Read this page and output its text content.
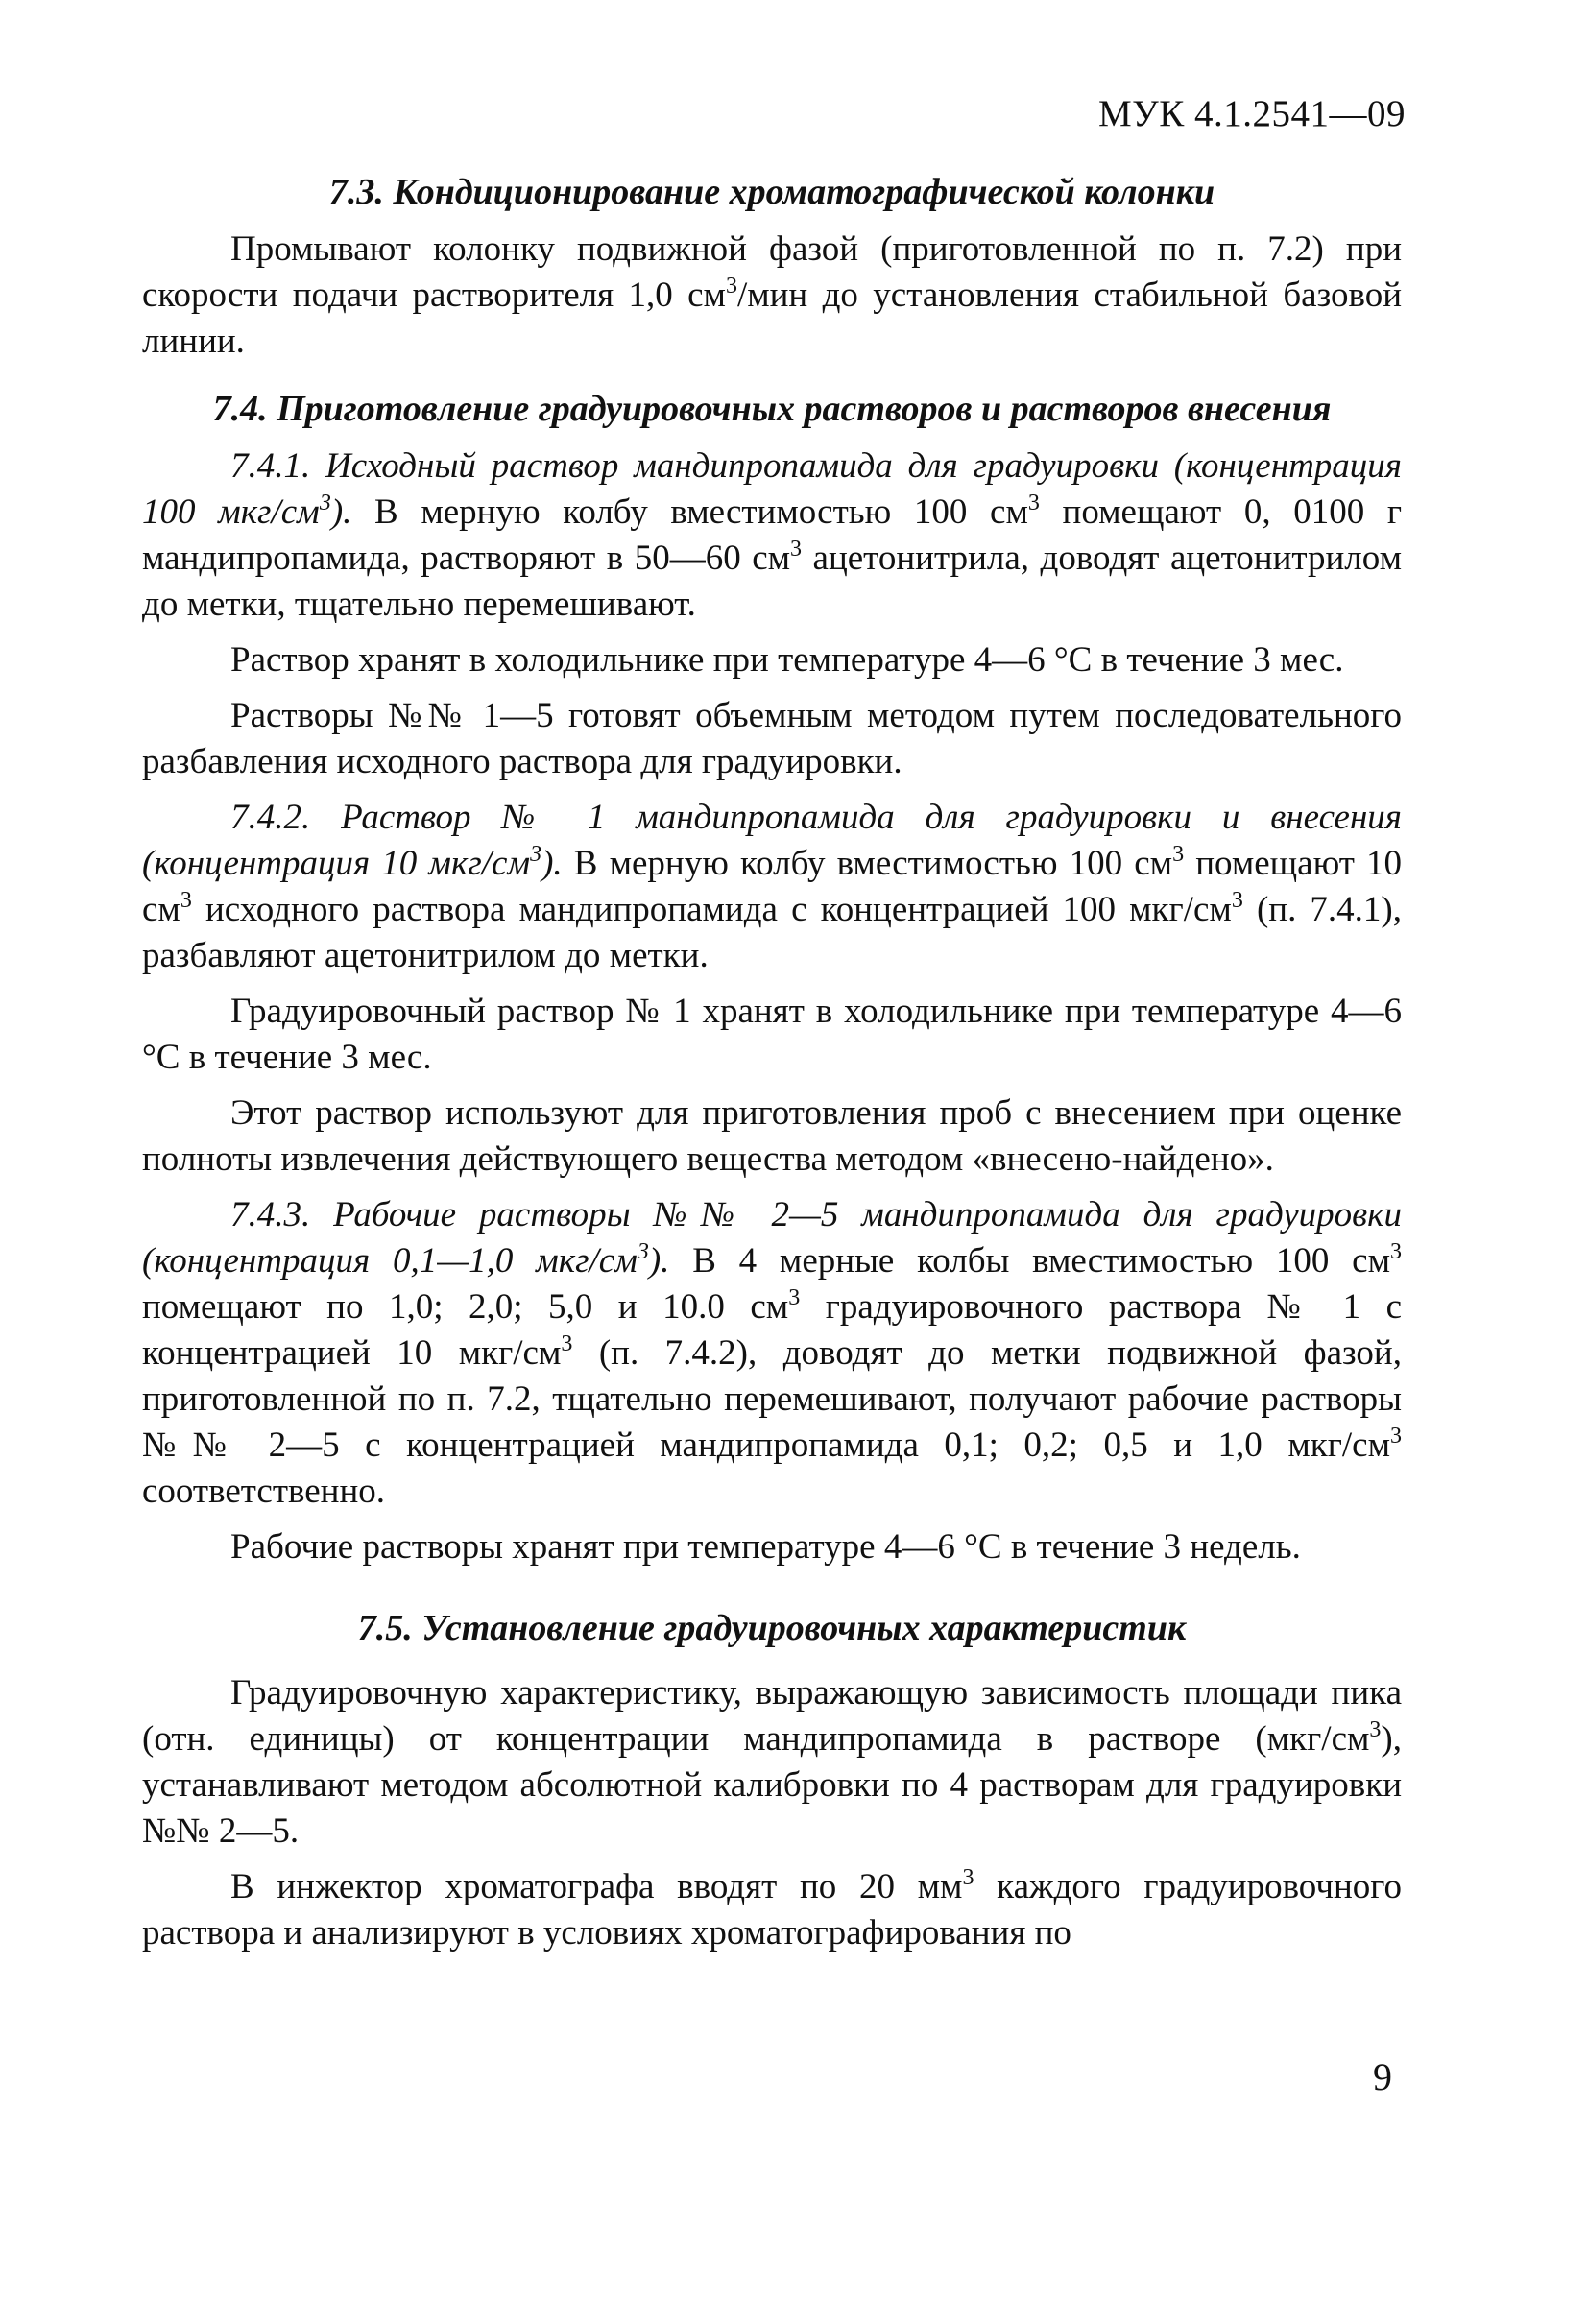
МУК 4.1.2541—09
7.3. Кондиционирование хроматографической колонки

Промывают колонку подвижной фазой (приготовленной по п. 7.2) при скорости подачи растворителя 1,0 $см^3$/мин до установления стабильной базовой линии.

7.4. Приготовление градуировочных растворов и растворов внесения

7.4.1. Исходный раствор мандипропамида для градуировки (концентрация 100 мкг/$см^3$). В мерную колбу вместимостью 100 $см^3$ помещают 0, 0100 г мандипропамида, растворяют в 50—60 $см^3$ ацетонитрила, доводят ацетонитрилом до метки, тщательно перемешивают.

Раствор хранят в холодильнике при температуре 4—6 °С в течение 3 мес.

Растворы №№ 1—5 готовят объемным методом путем последовательного разбавления исходного раствора для градуировки.

7.4.2. Раствор № 1 мандипропамида для градуировки и внесения (концентрация 10 мкг/$см^3$). В мерную колбу вместимостью 100 $см^3$ помещают 10 $см^3$ исходного раствора мандипропамида с концентрацией 100 мкг/$см^3$ (п. 7.4.1), разбавляют ацетонитрилом до метки.

Градуировочный раствор № 1 хранят в холодильнике при температуре 4—6 °С в течение 3 мес.

Этот раствор используют для приготовления проб с внесением при оценке полноты извлечения действующего вещества методом «внесено-найдено».

7.4.3. Рабочие растворы №№ 2—5 мандипропамида для градуировки (концентрация 0,1—1,0 мкг/$см^3$). В 4 мерные колбы вместимостью 100 $см^3$ помещают по 1,0; 2,0; 5,0 и 10.0 $см^3$ градуировочного раствора № 1 с концентрацией 10 мкг/$см^3$ (п. 7.4.2), доводят до метки подвижной фазой, приготовленной по п. 7.2, тщательно перемешивают, получают рабочие растворы №№ 2—5 с концентрацией мандипропамида 0,1; 0,2; 0,5 и 1,0 мкг/$см^3$ соответственно.

Рабочие растворы хранят при температуре 4—6 °С в течение 3 недель.

7.5. Установление градуировочных характеристик

Градуировочную характеристику, выражающую зависимость площади пика (отн. единицы) от концентрации мандипропамида в растворе $(мкг/см^3)$, устанавливают методом абсолютной калибровки по 4 растворам для градуировки №№ 2—5.

В инжектор хроматографа вводят по 20 $мм^3$ каждого градуировочного раствора и анализируют в условиях хроматографирования по

9
